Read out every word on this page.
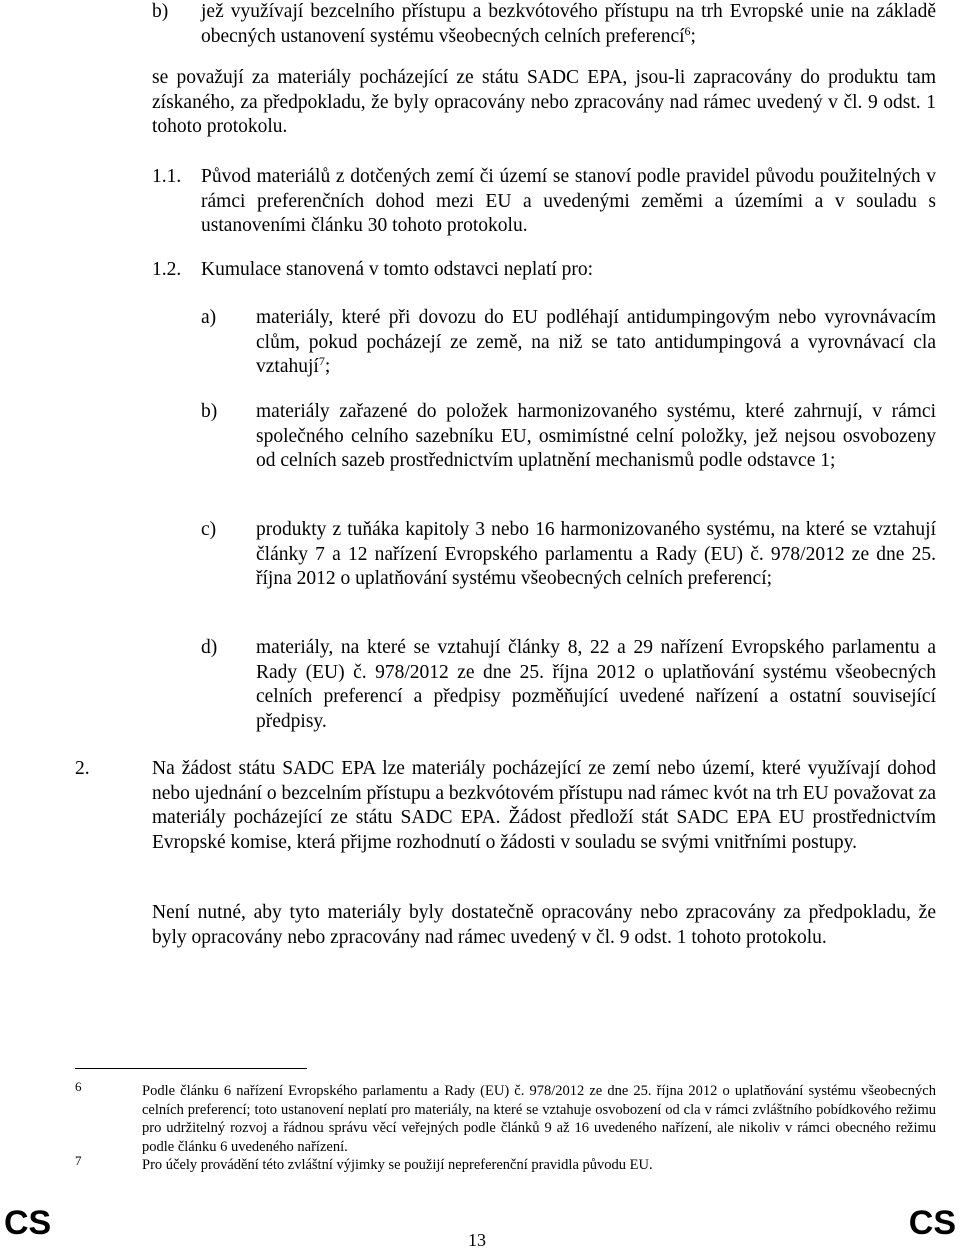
b) jež využívají bezcelního přístupu a bezkvótového přístupu na trh Evropské unie na základě obecných ustanovení systému všeobecných celních preferencí$^6$;

se považují za materiály pocházející ze státu SADC EPA, jsou-li zapracovány do produktu tam získaného, za předpokladu, že byly opracovány nebo zpracovány nad rámec uvedený v čl. 9 odst. 1 tohoto protokolu.

1.1. Původ materiálů z dotčených zemí či území se stanoví podle pravidel původu použitelných v rámci preferenčních dohod mezi EU a uvedenými zeměmi a územími a v souladu s ustanoveními článku 30 tohoto protokolu.

1.2. Kumulace stanovená v tomto odstavci neplatí pro:

a) materiály, které při dovozu do EU podléhají antidumpingovým nebo vyrovnávacím clům, pokud pocházejí ze země, na niž se tato antidumpingová a vyrovnávací cla vztahují$^7$;

b) materiály zařazené do položek harmonizovaného systému, které zahrnují, v rámci společného celního sazebníku EU, osmimístné celní položky, jež nejsou osvobozeny od celních sazeb prostřednictvím uplatnění mechanismů podle odstavce 1;

c) produkty z tuňáka kapitoly 3 nebo 16 harmonizovaného systému, na které se vztahují články 7 a 12 nařízení Evropského parlamentu a Rady (EU) č. 978/2012 ze dne 25. října 2012 o uplatňování systému všeobecných celních preferencí;

d) materiály, na které se vztahují články 8, 22 a 29 nařízení Evropského parlamentu a Rady (EU) č. 978/2012 ze dne 25. října 2012 o uplatňování systému všeobecných celních preferencí a předpisy pozměňující uvedené nařízení a ostatní související předpisy.

2.	Na žádost státu SADC EPA lze materiály pocházející ze zemí nebo území, které využívají dohod nebo ujednání o bezcelním přístupu a bezkvótovém přístupu nad rámec kvót na trh EU považovat za materiály pocházející ze státu SADC EPA. Žádost předloží stát SADC EPA EU prostřednictvím Evropské komise, která přijme rozhodnutí o žádosti v souladu se svými vnitřními postupy.

Není nutné, aby tyto materiály byly dostatečně opracovány nebo zpracovány za předpokladu, že byly opracovány nebo zpracovány nad rámec uvedený v čl. 9 odst. 1 tohoto protokolu.

6	Podle článku 6 nařízení Evropského parlamentu a Rady (EU) č. 978/2012 ze dne 25. října 2012 o uplatňování systému všeobecných celních preferencí; toto ustanovení neplatí pro materiály, na které se vztahuje osvobození od cla v rámci zvláštního pobídkového režimu pro udržitelný rozvoj a řádnou správu věcí veřejných podle článků 9 až 16 uvedeného nařízení, ale nikoliv v rámci obecného režimu podle článku 6 uvedeného nařízení.

7	Pro účely provádění této zvláštní výjimky se použijí nepreferenční pravidla původu EU.

CS	13	CS
